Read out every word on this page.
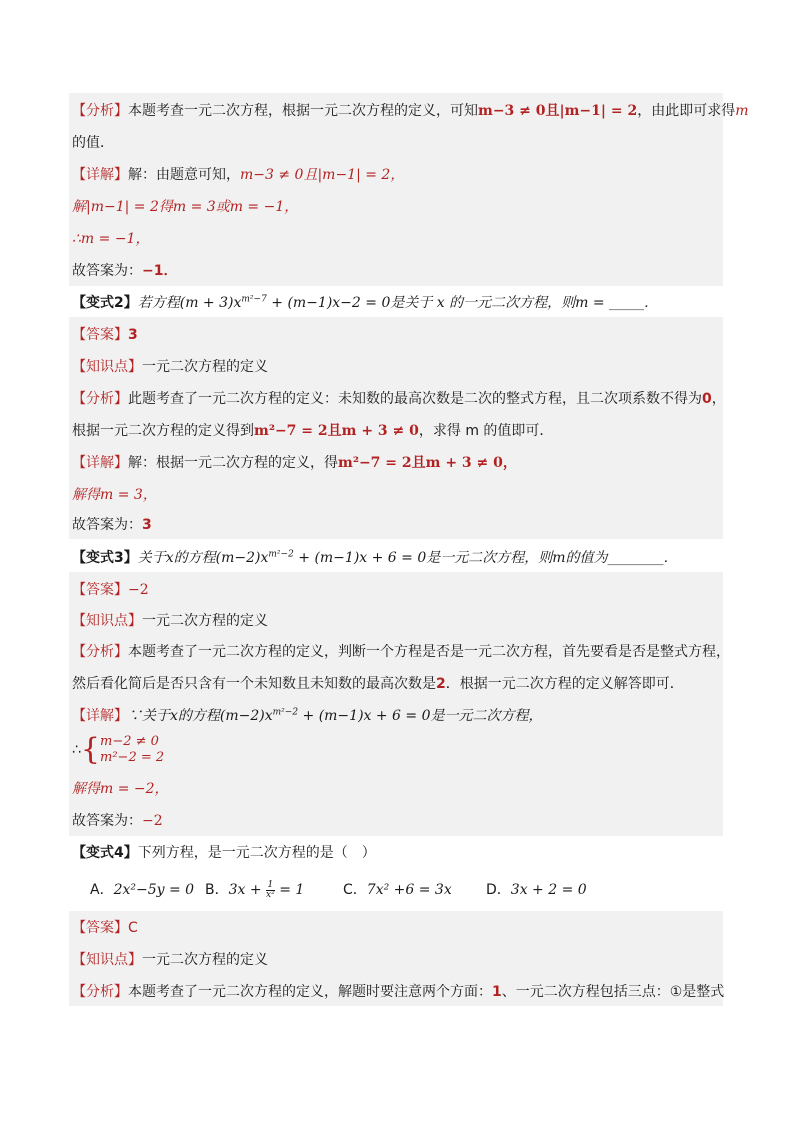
【分析】本题考查一元二次方程，根据一元二次方程的定义，可知m−3 ≠ 0且|m−1| = 2，由此即可求得m
的值．
【详解】解：由题意可知，m−3 ≠ 0且|m−1| = 2，
解|m−1| = 2得m = 3或m = −1，
∴m = −1，
故答案为：−1．
【变式2】若方程$(m + 3)x^{m^2-7} + (m-1)x-2 = 0$是关于 x 的一元二次方程，则m = _____．
【答案】3
【知识点】一元二次方程的定义
【分析】此题考查了一元二次方程的定义：未知数的最高次数是二次的整式方程，且二次项系数不得为0，
根据一元二次方程的定义得到m²−7 = 2且m + 3 ≠ 0，求得 m 的值即可．
【详解】解：根据一元二次方程的定义，得m²−7 = 2且m + 3 ≠ 0，
解得m = 3，
故答案为：3
【变式3】关于x的方程$(m-2)x^{m^2-2} + (m-1)x + 6 = 0$是一元二次方程，则m的值为________．
【答案】−2
【知识点】一元二次方程的定义
【分析】本题考查了一元二次方程的定义，判断一个方程是否是一元二次方程，首先要看是否是整式方程，
然后看化简后是否只含有一个未知数且未知数的最高次数是2．根据一元二次方程的定义解答即可．
【详解】∵关于x的方程$(m-2)x^{m^2-2} + (m-1)x + 6 = 0$是一元二次方程，
∴{ m−2 ≠ 0
m²−2 = 2
解得m = −2，
故答案为：−2
【变式4】下列方程，是一元二次方程的是（　）
A．2x²−5y = 0 B．$3x + \frac{1}{\text{x²}} = 1$	C．7x² +6 = 3x D．3x + 2 = 0
【答案】C
【知识点】一元二次方程的定义
【分析】本题考查了一元二次方程的定义，解题时要注意两个方面：1、一元二次方程包括三点：①是整式
